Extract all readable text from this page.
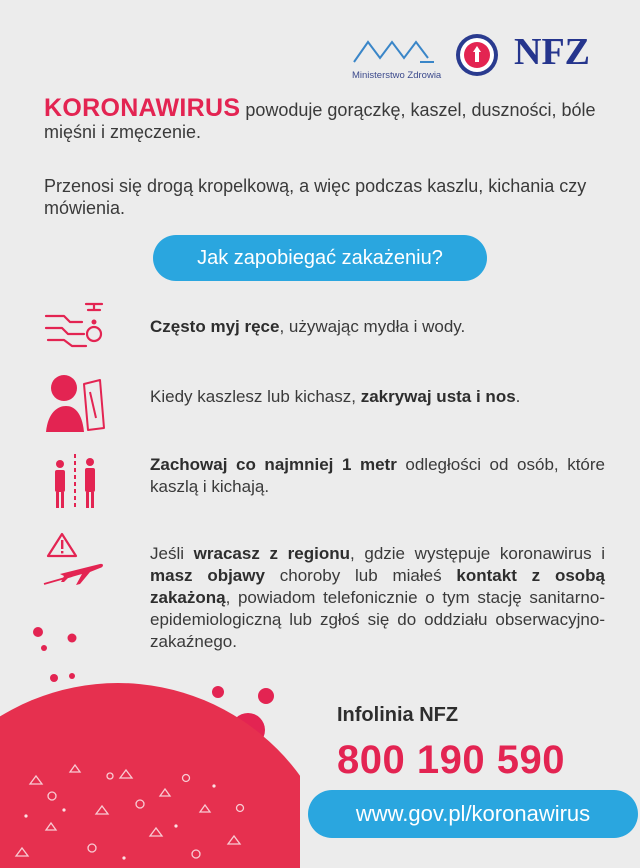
Ministerstwo Zdrowia
NFZ
KORONAWIRUS powoduje gorączkę, kaszel, duszności, bóle mięśni i zmęczenie.
Przenosi się drogą kropelkową, a więc podczas kaszlu, kichania czy mówienia.
Jak zapobiegać zakażeniu?
Często myj ręce, używając mydła i wody.
Kiedy kaszlesz lub kichasz, zakrywaj usta i nos.
Zachowaj co najmniej 1 metr odległości od osób, które kaszlą i kichają.
Jeśli wracasz z regionu, gdzie występuje koronawirus i masz objawy choroby lub miałeś kontakt z osobą zakażoną, powiadom telefonicznie o tym stację sanitarno-epidemiologiczną lub zgłoś się do oddziału obserwacyjno-zakaźnego.
Infolinia NFZ
800 190 590
www.gov.pl/koronawirus
